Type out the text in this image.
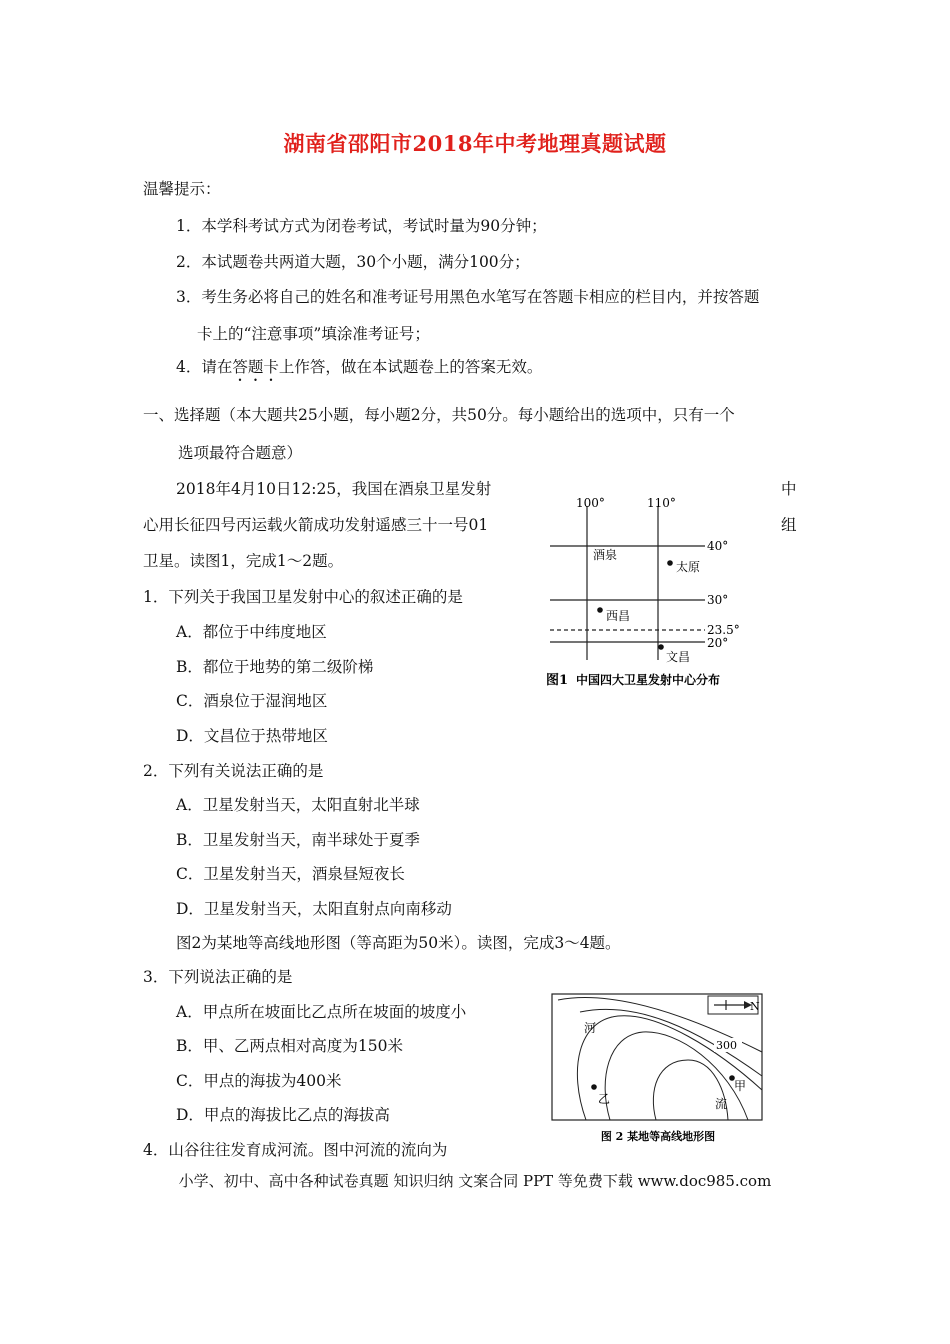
湖南省邵阳市2018年中考地理真题试题
温馨提示：
1．本学科考试方式为闭卷考试，考试时量为90分钟；
2．本试题卷共两道大题，30个小题，满分100分；
3．考生务必将自己的姓名和准考证号用黑色水笔写在答题卡相应的栏目内，并按答题
卡上的“注意事项”填涂准考证号；
4．请在答题卡上作答，做在本试题卷上的答案无效。
一、选择题（本大题共25小题，每小题2分，共50分。每小题给出的选项中，只有一个
选项最符合题意）
2018年4月10日12:25，我国在酒泉卫星发射	中
心用长征四号丙运载火箭成功发射遥感三十一号01	组
卫星。读图1，完成1～2题。
1．下列关于我国卫星发射中心的叙述正确的是
A．都位于中纬度地区
B．都位于地势的第二级阶梯
C．酒泉位于湿润地区
D．文昌位于热带地区
2．下列有关说法正确的是
A．卫星发射当天，太阳直射北半球
B．卫星发射当天，南半球处于夏季
C．卫星发射当天，酒泉昼短夜长
D．卫星发射当天，太阳直射点向南移动
图2为某地等高线地形图（等高距为50米）。读图，完成3～4题。
3．下列说法正确的是
A．甲点所在坡面比乙点所在坡面的坡度小
B．甲、乙两点相对高度为150米
C．甲点的海拔为400米
D．甲点的海拔比乙点的海拔高
4．山谷往往发育成河流。图中河流的流向为
100°	110°
40°
30°
23.5°
20°
酒泉
太原
西昌
文昌
图1 中国四大卫星发射中心分布
N
300
河
流
甲
乙
图 2 某地等高线地形图
小学、初中、高中各种试卷真题 知识归纳 文案合同 PPT 等免费下载 www.doc985.com
